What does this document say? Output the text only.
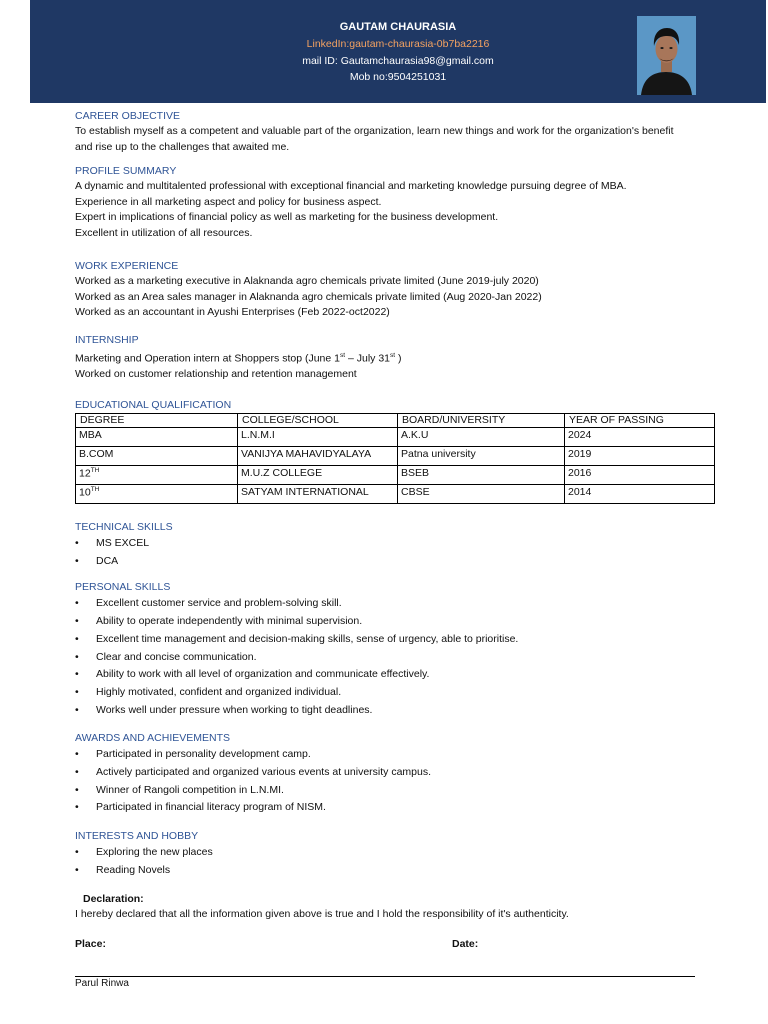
GAUTAM CHAURASIA
LinkedIn:gautam-chaurasia-0b7ba2216
mail ID: Gautamchaurasia98@gmail.com
Mob no:9504251031
CAREER OBJECTIVE
To establish myself as a competent and valuable part of the organization, learn new things and work for the organization's benefit
and rise up to the challenges that awaited me.
PROFILE SUMMARY
A dynamic and multitalented professional with exceptional financial and marketing knowledge pursuing degree of MBA.
Experience in all marketing aspect and policy for business aspect.
Expert in implications of financial policy as well as marketing for the business development.
Excellent in utilization of all resources.
WORK EXPERIENCE
Worked as a marketing executive in Alaknanda agro chemicals private limited (June 2019-july 2020)
Worked as an Area sales manager in Alaknanda agro chemicals private limited (Aug 2020-Jan 2022)
Worked as an accountant in Ayushi Enterprises (Feb 2022-oct2022)
INTERNSHIP
Marketing and Operation intern at Shoppers stop (June 1st – July 31st )
Worked on customer relationship and retention management
EDUCATIONAL QUALIFICATION
DEGREE	COLLEGE/SCHOOL	BOARD/UNIVERSITY	YEAR OF PASSING
MBA	L.N.M.I	A.K.U	2024
B.COM	VANIJYA MAHAVIDYALAYA	Patna university	2019
12TH	M.U.Z COLLEGE	BSEB	2016
10TH	SATYAM INTERNATIONAL	CBSE	2014
TECHNICAL SKILLS
• MS EXCEL
• DCA
PERSONAL SKILLS
• Excellent customer service and problem-solving skill.
• Ability to operate independently with minimal supervision.
• Excellent time management and decision-making skills, sense of urgency, able to prioritise.
• Clear and concise communication.
• Ability to work with all level of organization and communicate effectively.
• Highly motivated, confident and organized individual.
• Works well under pressure when working to tight deadlines.
AWARDS AND ACHIEVEMENTS
• Participated in personality development camp.
• Actively participated and organized various events at university campus.
• Winner of Rangoli competition in L.N.MI.
• Participated in financial literacy program of NISM.
INTERESTS AND HOBBY
• Exploring the new places
• Reading Novels
Declaration:
I hereby declared that all the information given above is true and I hold the responsibility of it's authenticity.
Place:	Date:
Parul Rinwa
